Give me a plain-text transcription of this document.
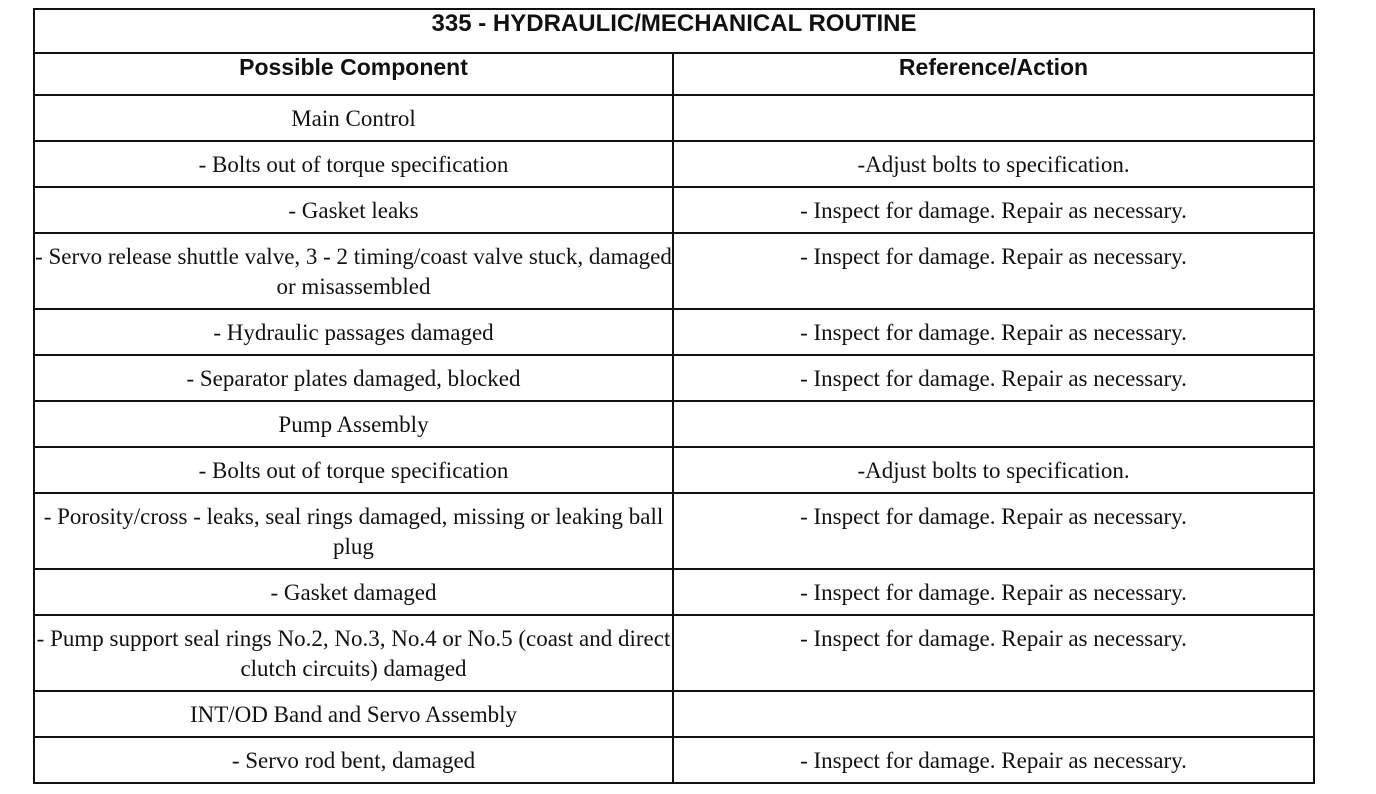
335 - HYDRAULIC/MECHANICAL ROUTINE	
Possible Component	Reference/Action

Main Control	

- Bolts out of torque specification	-Adjust bolts to specification.

- Gasket leaks	- Inspect for damage. Repair as necessary.

- Servo release shuttle valve, 3 - 2 timing/coast valve stuck, damaged or misassembled	- Inspect for damage. Repair as necessary.

- Hydraulic passages damaged	- Inspect for damage. Repair as necessary.

- Separator plates damaged, blocked	- Inspect for damage. Repair as necessary.

Pump Assembly	

- Bolts out of torque specification	-Adjust bolts to specification.

- Porosity/cross - leaks, seal rings damaged, missing or leaking ball plug	- Inspect for damage. Repair as necessary.

- Gasket damaged	- Inspect for damage. Repair as necessary.

- Pump support seal rings No.2, No.3, No.4 or No.5 (coast and direct clutch circuits) damaged	- Inspect for damage. Repair as necessary.

INT/OD Band and Servo Assembly	

- Servo rod bent, damaged	- Inspect for damage. Repair as necessary.
